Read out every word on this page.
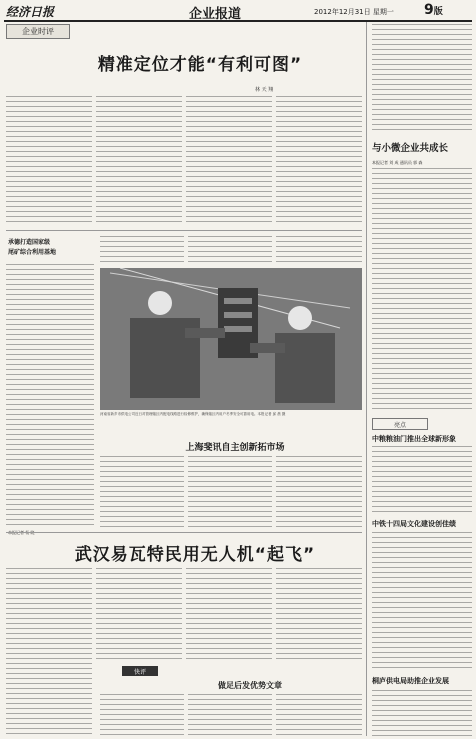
经济日报	企业报道	2012年12月31日 星期一 9版
企业时评
精准定位才能“有利可图”
林 天 翔
与小微企业共成长
本报记者 刘 成 通讯员 郭 森
承德打造国家级
尾矿综合利用基地
河南省新乡市供电公司近日对管理辖区内配电线路进行检修维护，确保辖区内用户冬季安全可靠用电。本报记者 邱 晨 摄
上海斐讯自主创新拓市场
亮点
中粮粮油门推出全球新形象
中铁十四局文化建设创佳绩
桐庐供电局助推企业发展
武汉易瓦特民用无人机“起飞”
快评
做足后发优势文章
